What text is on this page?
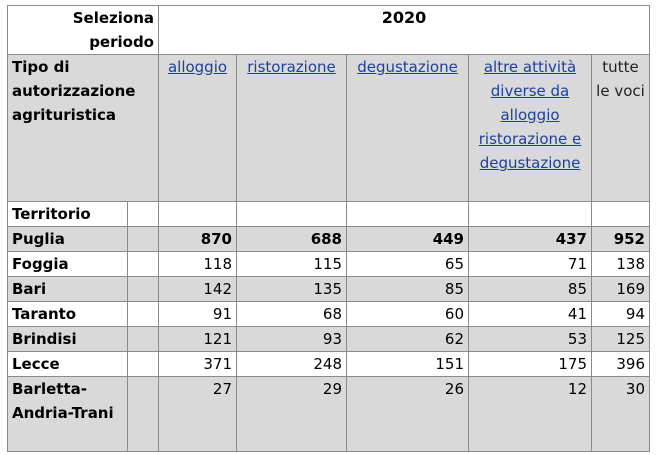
Seleziona periodo		2020				
Tipo di autorizzazione agrituristica		alloggio	ristorazione	degustazione	altre attività diverse da alloggio ristorazione e degustazione	tutte le voci
Territorio						
Puglia		870	688	449	437	952
Foggia		118	115	65	71	138
Bari		142	135	85	85	169
Taranto		91	68	60	41	94
Brindisi		121	93	62	53	125
Lecce		371	248	151	175	396
Barletta-Andria-Trani		27	29	26	12	30
